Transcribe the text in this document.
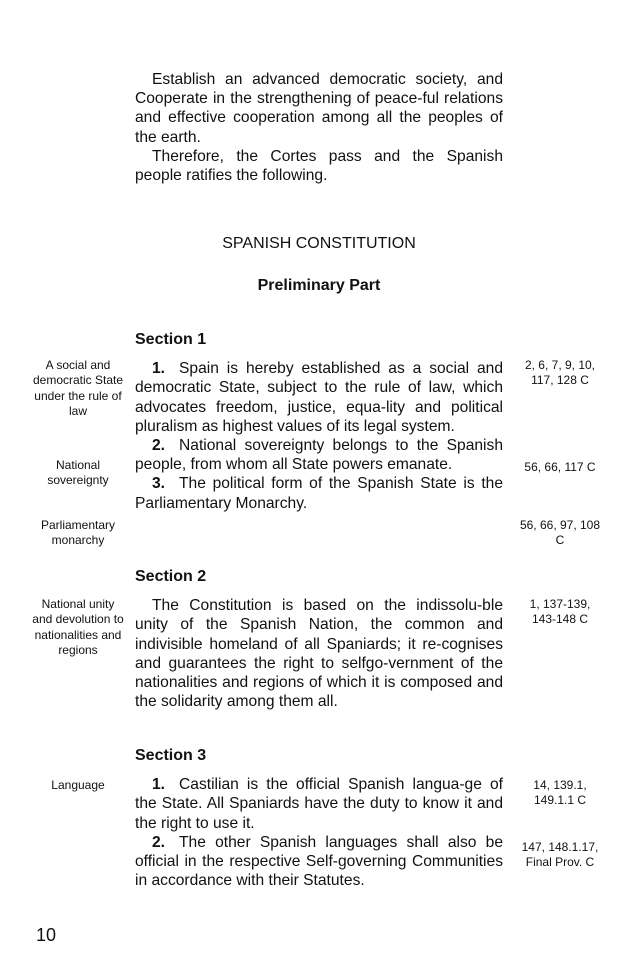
Establish an advanced democratic society, and Cooperate in the strengthening of peace-ful relations and effective cooperation among all the peoples of the earth.

Therefore, the Cortes pass and the Spanish people ratifies the following.

SPANISH CONSTITUTION
Preliminary Part

Section 1

1. Spain is hereby established as a social and democratic State, subject to the rule of law, which advocates freedom, justice, equa-lity and political pluralism as highest values of its legal system.

2. National sovereignty belongs to the Spanish people, from whom all State powers emanate.

3. The political form of the Spanish State is the Parliamentary Monarchy.

A social and democratic State under the rule of law
National sovereignty
Parliamentary monarchy
2, 6, 7, 9, 10, 117, 128 C
56, 66, 117 C
56, 66, 97, 108 C

Section 2

The Constitution is based on the indissolu-ble unity of the Spanish Nation, the common and indivisible homeland of all Spaniards; it re-cognises and guarantees the right to selfgo-vernment of the nationalities and regions of which it is composed and the solidarity among them all.

National unity and devolution to nationalities and regions
1, 137-139, 143-148 C

Section 3

1. Castilian is the official Spanish langua-ge of the State. All Spaniards have the duty to know it and the right to use it.

2. The other Spanish languages shall also be official in the respective Self-governing Communities in accordance with their Statutes.

Language	14, 139.1, 149.1.1 C
147, 148.1.17, Final Prov. C
10
